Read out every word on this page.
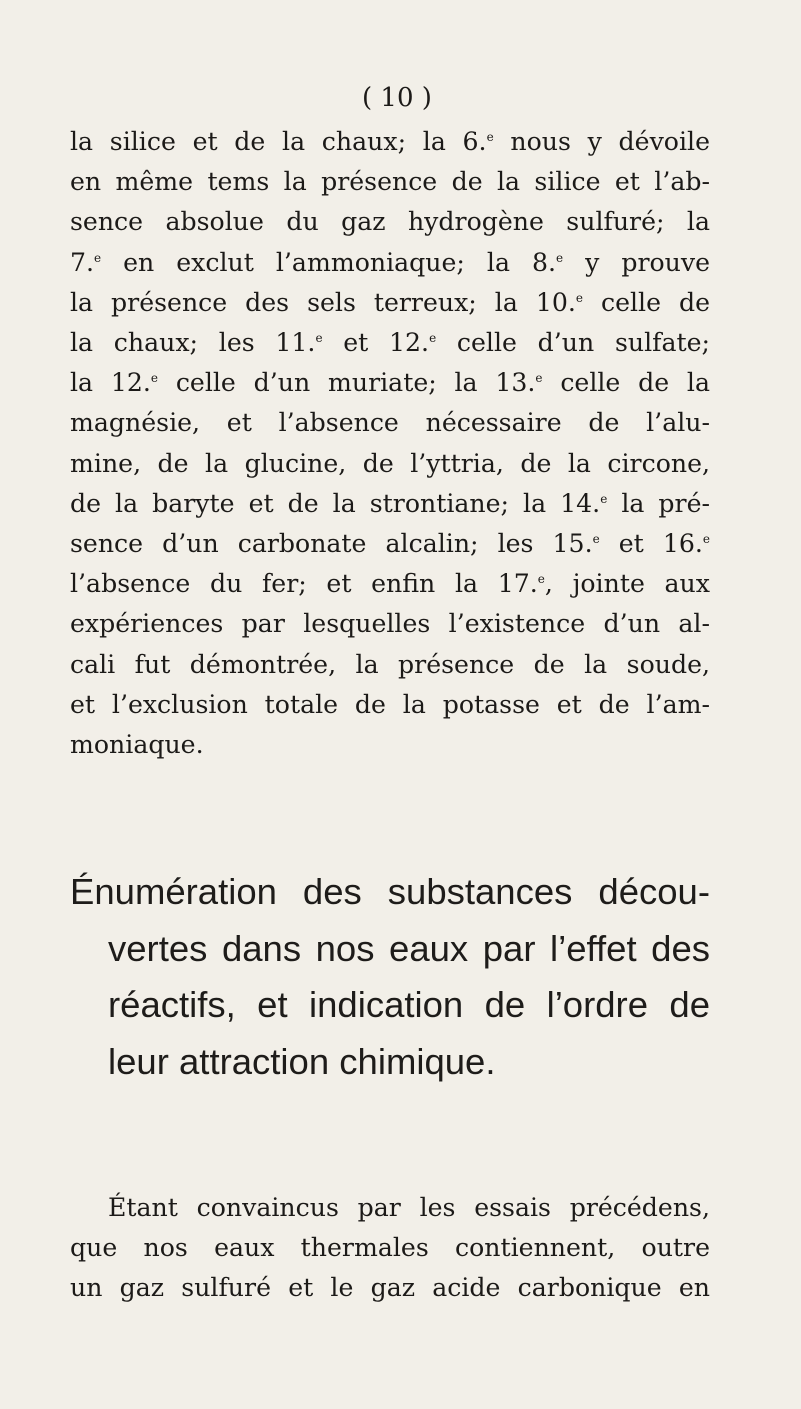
( 10 )
la silice et de la chaux; la 6.$^e$ nous y dévoile
en même tems la présence de la silice et l’ab-
sence absolue du gaz hydrogène sulfuré; la
7.$^e$ en exclut l’ammoniaque; la 8.$^e$ y prouve
la présence des sels terreux; la 10.$^e$ celle de
la chaux; les 11.$^e$ et 12.$^e$ celle d’un sulfate;
la 12.$^e$ celle d’un muriate; la 13.$^e$ celle de la
magnésie, et l’absence nécessaire de l’alu-
mine, de la glucine, de l’yttria, de la circone,
de la baryte et de la strontiane; la 14.$^e$ la pré-
sence d’un carbonate alcalin; les 15.$^e$ et 16.$^e$
l’absence du fer; et enfin la 17.$^e$, jointe aux
expériences par lesquelles l’existence d’un al-
cali fut démontrée, la présence de la soude,
et l’exclusion totale de la potasse et de l’am-
moniaque.
Énumération des substances décou-
vertes dans nos eaux par l’effet des
réactifs, et indication de l’ordre de
leur attraction chimique.
Étant convaincus par les essais précédens,
que nos eaux thermales contiennent, outre
un gaz sulfuré et le gaz acide carbonique en
